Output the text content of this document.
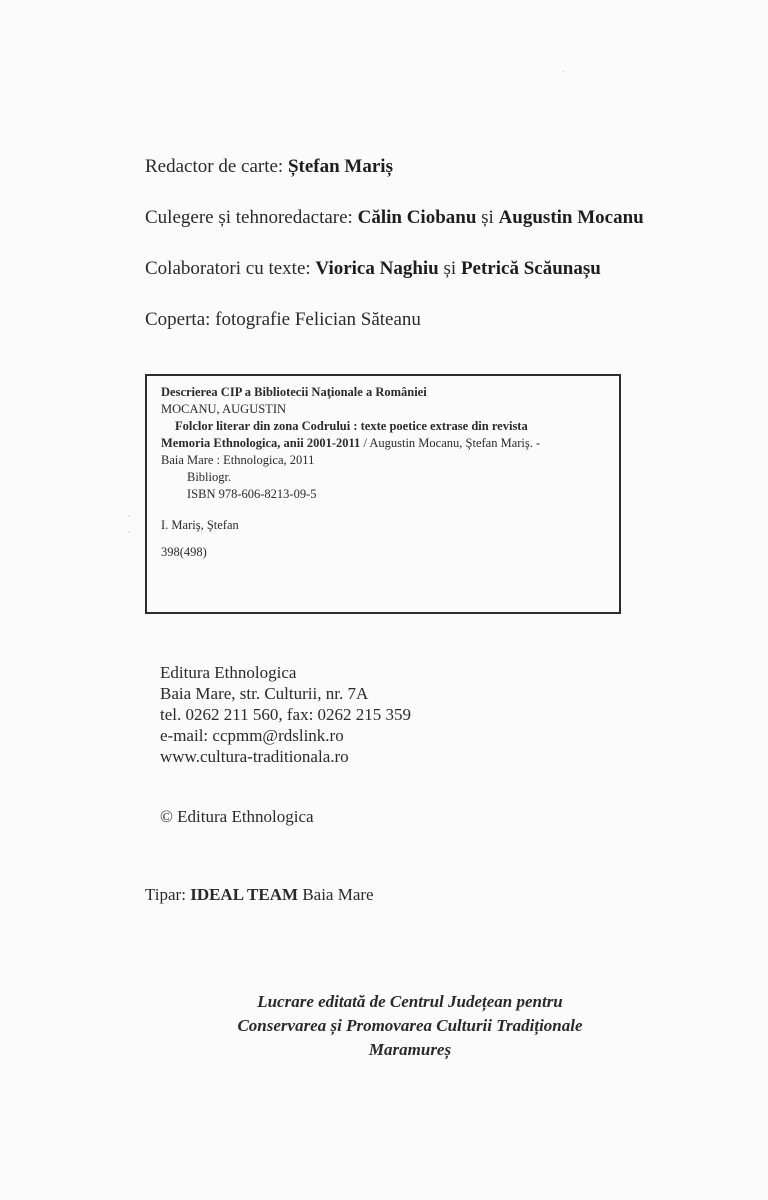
Redactor de carte: Ștefan Mariș
Culegere și tehnoredactare: Călin Ciobanu și Augustin Mocanu
Colaboratori cu texte: Viorica Naghiu și Petrică Scăunașu
Coperta: fotografie Felician Săteanu
Descrierea CIP a Bibliotecii Naţionale a României
MOCANU, AUGUSTIN
Folclor literar din zona Codrului : texte poetice extrase din revista
Memoria Ethnologica, anii 2001-2011 / Augustin Mocanu, Ştefan Mariş. -
Baia Mare : Ethnologica, 2011
Bibliogr.
ISBN 978-606-8213-09-5
I. Mariş, Ştefan
398(498)
Editura Ethnologica
Baia Mare, str. Culturii, nr. 7A
tel. 0262 211 560, fax: 0262 215 359
e-mail: ccpmm@rdslink.ro
www.cultura-traditionala.ro
© Editura Ethnologica
Tipar: IDEAL TEAM Baia Mare
Lucrare editată de Centrul Județean pentru
Conservarea și Promovarea Culturii Tradiționale
Maramureș
·
·
`
